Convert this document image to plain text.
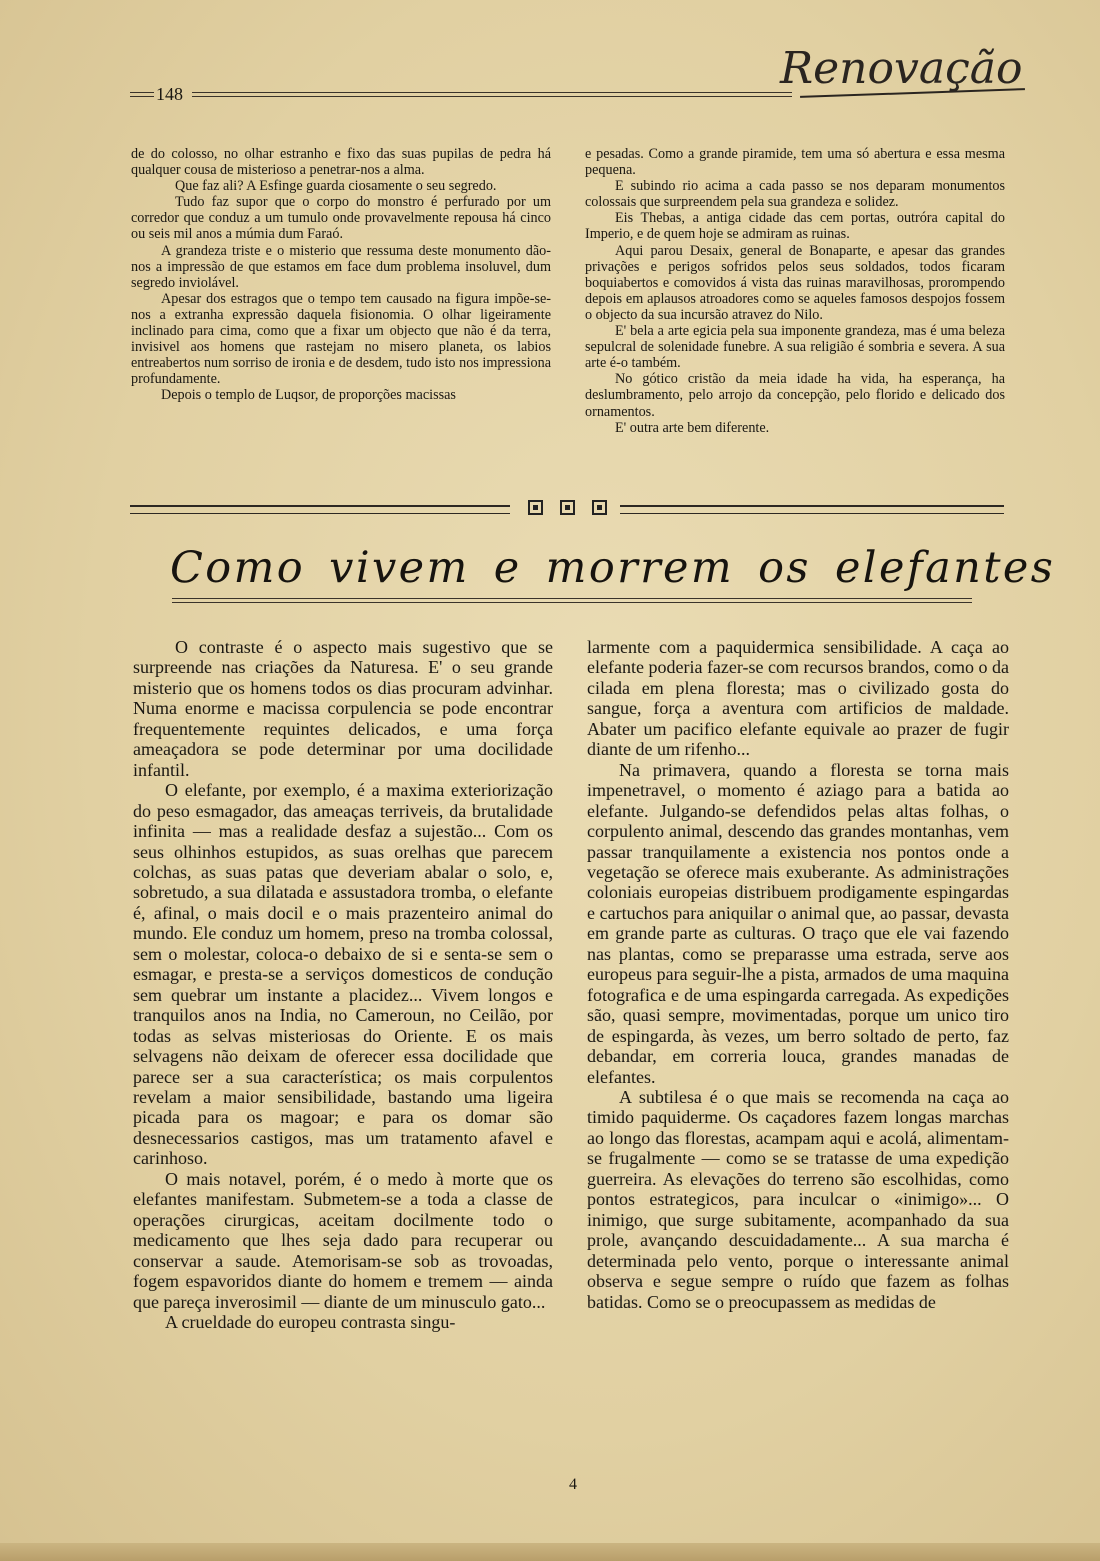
148	Renovação

de do colosso, no olhar estranho e fixo das suas pupilas de pedra há qualquer cousa de misterioso a penetrar-nos a alma.

Que faz ali? A Esfinge guarda ciosamente o seu segredo.

Tudo faz supor que o corpo do monstro é perfurado por um corredor que conduz a um tumulo onde provavelmente repousa há cinco ou seis mil anos a múmia dum Faraó.

A grandeza triste e o misterio que ressuma deste monumento dão-nos a impressão de que estamos em face dum problema insoluvel, dum segredo inviolável.

Apesar dos estragos que o tempo tem causado na figura impõe-se-nos a extranha expressão daquela fisionomia. O olhar ligeiramente inclinado para cima, como que a fixar um objecto que não é da terra, invisivel aos homens que rastejam no misero planeta, os labios entreabertos num sorriso de ironia e de desdem, tudo isto nos impressiona profundamente.

Depois o templo de Luqsor, de proporções macissas

e pesadas. Como a grande piramide, tem uma só abertura e essa mesma pequena.

E subindo rio acima a cada passo se nos deparam monumentos colossais que surpreendem pela sua grandeza e solidez.

Eis Thebas, a antiga cidade das cem portas, outróra capital do Imperio, e de quem hoje se admiram as ruinas.

Aqui parou Desaix, general de Bonaparte, e apesar das grandes privações e perigos sofridos pelos seus soldados, todos ficaram boquiabertos e comovidos á vista das ruinas maravilhosas, prorompendo depois em aplausos atroadores como se aqueles famosos despojos fossem o objecto da sua incursão atravez do Nilo.

E' bela a arte egicia pela sua imponente grandeza, mas é uma beleza sepulcral de solenidade funebre. A sua religião é sombria e severa. A sua arte é-o também.

No gótico cristão da meia idade ha vida, ha esperança, ha deslumbramento, pelo arrojo da concepção, pelo florido e delicado dos ornamentos.

E' outra arte bem diferente.

Como vivem e morrem os elefantes

O contraste é o aspecto mais sugestivo que se surpreende nas criações da Naturesa. E' o seu grande misterio que os homens todos os dias procuram advinhar. Numa enorme e macissa corpulencia se pode encontrar frequentemente requintes delicados, e uma força ameaçadora se pode determinar por uma docilidade infantil.

O elefante, por exemplo, é a maxima exteriorização do peso esmagador, das ameaças terriveis, da brutalidade infinita — mas a realidade desfaz a sujestão... Com os seus olhinhos estupidos, as suas orelhas que parecem colchas, as suas patas que deveriam abalar o solo, e, sobretudo, a sua dilatada e assustadora tromba, o elefante é, afinal, o mais docil e o mais prazenteiro animal do mundo. Ele conduz um homem, preso na tromba colossal, sem o molestar, coloca-o debaixo de si e senta-se sem o esmagar, e presta-se a serviços domesticos de condução sem quebrar um instante a placidez... Vivem longos e tranquilos anos na India, no Cameroun, no Ceilão, por todas as selvas misteriosas do Oriente. E os mais selvagens não deixam de oferecer essa docilidade que parece ser a sua característica; os mais corpulentos revelam a maior sensibilidade, bastando uma ligeira picada para os magoar; e para os domar são desnecessarios castigos, mas um tratamento afavel e carinhoso.

O mais notavel, porém, é o medo à morte que os elefantes manifestam. Submetem-se a toda a classe de operações cirurgicas, aceitam docilmente todo o medicamento que lhes seja dado para recuperar ou conservar a saude. Atemorisam-se sob as trovoadas, fogem espavoridos diante do homem e tremem — ainda que pareça inverosimil — diante de um minusculo gato...

A crueldade do europeu contrasta singu-

larmente com a paquidermica sensibilidade. A caça ao elefante poderia fazer-se com recursos brandos, como o da cilada em plena floresta; mas o civilizado gosta do sangue, força a aventura com artificios de maldade. Abater um pacifico elefante equivale ao prazer de fugir diante de um rifenho...

Na primavera, quando a floresta se torna mais impenetravel, o momento é aziago para a batida ao elefante. Julgando-se defendidos pelas altas folhas, o corpulento animal, descendo das grandes montanhas, vem passar tranquilamente a existencia nos pontos onde a vegetação se oferece mais exuberante. As administrações coloniais europeias distribuem prodigamente espingardas e cartuchos para aniquilar o animal que, ao passar, devasta em grande parte as culturas. O traço que ele vai fazendo nas plantas, como se preparasse uma estrada, serve aos europeus para seguir-lhe a pista, armados de uma maquina fotografica e de uma espingarda carregada. As expedições são, quasi sempre, movimentadas, porque um unico tiro de espingarda, às vezes, um berro soltado de perto, faz debandar, em correria louca, grandes manadas de elefantes.

A subtilesa é o que mais se recomenda na caça ao timido paquiderme. Os caçadores fazem longas marchas ao longo das florestas, acampam aqui e acolá, alimentam-se frugalmente — como se se tratasse de uma expedição guerreira. As elevações do terreno são escolhidas, como pontos estrategicos, para inculcar o «inimigo»... O inimigo, que surge subitamente, acompanhado da sua prole, avançando descuidadamente... A sua marcha é determinada pelo vento, porque o interessante animal observa e segue sempre o ruído que fazem as folhas batidas. Como se o preocupassem as medidas de

4
